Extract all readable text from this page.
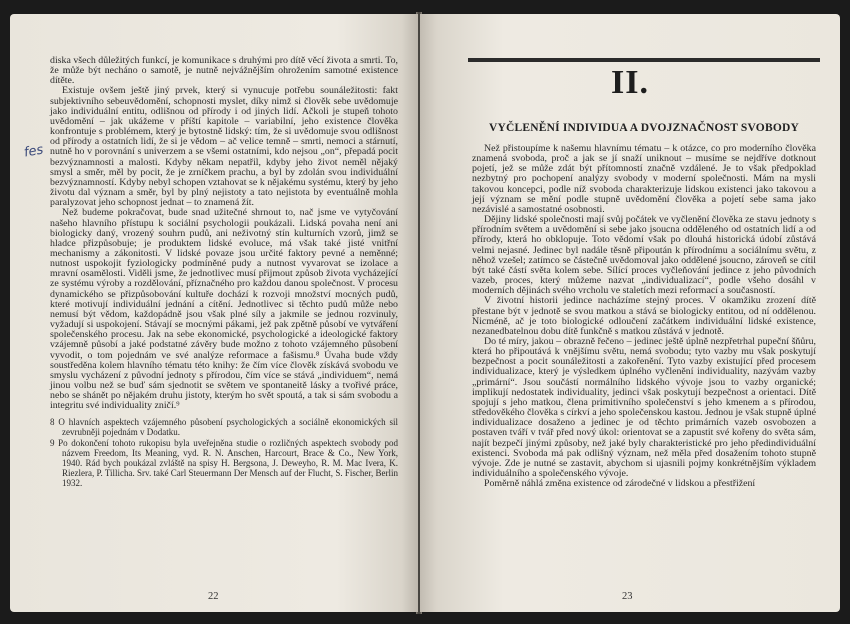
fes

diska všech důležitých funkcí, je komunikace s druhými pro dítě věcí života a smrti. To, že může být necháno o samotě, je nutně nejvážnějším ohrožením samotné existence dítěte.

Existuje ovšem ještě jiný prvek, který si vynucuje potřebu sounáležitosti: fakt subjektivního sebeuvědomění, schopnosti myslet, díky nimž si člověk sebe uvědomuje jako individuální entitu, odlišnou od přírody i od jiných lidí. Ačkoli je stupeň tohoto uvědomění – jak ukážeme v příští kapitole – variabilní, jeho existence člověka konfrontuje s problémem, který je bytostně lidský: tím, že si uvědomuje svou odlišnost od přírody a ostatních lidí, že si je vědom – ač velice temně – smrti, nemoci a stárnutí, nutně ho v porovnání s univerzem a se všemi ostatními, kdo nejsou „on“, přepadá pocit bezvýznamnosti a malosti. Kdyby někam nepatřil, kdyby jeho život neměl nějaký smysl a směr, měl by pocit, že je zrníčkem prachu, a byl by zdolán svou individuální bezvýznamností. Kdyby nebyl schopen vztahovat se k nějakému systému, který by jeho životu dal význam a směr, byl by plný nejistoty a tato nejistota by eventuálně mohla paralyzovat jeho schopnost jednat – to znamená žít.

Než budeme pokračovat, bude snad užitečné shrnout to, nač jsme ve vytyčování našeho hlavního přístupu k sociální psychologii poukázali. Lidská povaha není ani biologicky daný, vrozený souhrn pudů, ani neživotný stín kulturních vzorů, jimž se hladce přizpůsobuje; je produktem lidské evoluce, má však také jisté vnitřní mechanismy a zákonitosti. V lidské povaze jsou určité faktory pevné a neměnné; nutnost uspokojit fyziologicky podmíněné pudy a nutnost vyvarovat se izolace a mravní osamělosti. Viděli jsme, že jednotlivec musí přijmout způsob života vycházející ze systému výroby a rozdělování, příznačného pro každou danou společnost. V procesu dynamického se přizpůsobování kultuře dochází k rozvoji množství mocných pudů, které motivují individuální jednání a cítění. Jednotlivec si těchto pudů může nebo nemusí být vědom, každopádně jsou však plné síly a jakmile se jednou rozvinuly, vyžadují si uspokojení. Stávají se mocnými pákami, jež pak zpětně působí ve vytváření společenského procesu. Jak na sebe ekonomické, psychologické a ideologické faktory vzájemně působí a jaké podstatné závěry bude možno z tohoto vzájemného působení vyvodit, o tom pojednám ve své analýze reformace a fašismu.⁸ Úvaha bude vždy soustředěna kolem hlavního tématu této knihy: že čím více člověk získává svobodu ve smyslu vycházení z původní jednoty s přírodou, čím více se stává „individuem“, nemá jinou volbu než se buď sám sjednotit se světem ve spontaneitě lásky a tvořivé práce, nebo se shánět po nějakém druhu jistoty, kterým ho svět spoutá, a tak si sám svobodu a integritu své individuality zničí.⁹

8 O hlavních aspektech vzájemného působení psychologických a sociálně ekonomických sil zevrubněji pojednám v Dodatku.

9 Po dokončení tohoto rukopisu byla uveřejněna studie o rozličných aspektech svobody pod názvem Freedom, Its Meaning, vyd. R. N. Anschen, Harcourt, Brace & Co., New York, 1940. Rád bych poukázal zvláště na spisy H. Bergsona, J. Deweyho, R. M. Mac Ivera, K. Riezlera, P. Tillicha. Srv. také Carl Steuermann Der Mensch auf der Flucht, S. Fischer, Berlin 1932.

22
II.
VYČLENĚNÍ INDIVIDUA A DVOJZNAČNOST SVOBODY

Než přistoupíme k našemu hlavnímu tématu – k otázce, co pro moderního člověka znamená svoboda, proč a jak se jí snaží uniknout – musíme se nejdříve dotknout pojetí, jež se může zdát být přítomností značně vzdálené. Je to však předpoklad nezbytný pro pochopení analýzy svobody v moderní společnosti. Mám na mysli takovou koncepci, podle níž svoboda charakterizuje lidskou existenci jako takovou a její význam se mění podle stupně uvědomění člověka a pojetí sebe sama jako nezávislé a samostatné osobnosti.

Dějiny lidské společnosti mají svůj počátek ve vyčlenění člověka ze stavu jednoty s přírodním světem a uvědomění si sebe jako jsoucna odděleného od ostatních lidí a od přírody, která ho obklopuje. Toto vědomí však po dlouhá historická údobí zůstává velmi nejasné. Jedinec byl nadále těsně připoután k přírodnímu a sociálnímu světu, z něhož vzešel; zatímco se částečně uvědomoval jako oddělené jsoucno, zároveň se cítil být také částí světa kolem sebe. Sílící proces vyčleňování jedince z jeho původních vazeb, proces, který můžeme nazvat „individualizací“, podle všeho dosáhl v moderních dějinách svého vrcholu ve staletích mezi reformací a současností.

V životní historii jedince nacházíme stejný proces. V okamžiku zrození dítě přestane být v jednotě se svou matkou a stává se biologicky entitou, od ní oddělenou. Nicméně, ač je toto biologické odloučení začátkem individuální lidské existence, nezanedbatelnou dobu dítě funkčně s matkou zůstává v jednotě.

Do té míry, jakou – obrazně řečeno – jedinec ještě úplně nezpřetrhal pupeční šňůru, která ho připoutává k vnějšímu světu, nemá svobodu; tyto vazby mu však poskytují bezpečnost a pocit sounáležitosti a zakořenění. Tyto vazby existující před procesem individualizace, který je výsledkem úplného vyčlenění individuality, nazývám vazby „primární“. Jsou součástí normálního lidského vývoje jsou to vazby organické; implikují nedostatek individuality, jedinci však poskytují bezpečnost a orientaci. Dítě spojují s jeho matkou, člena primitivního společenství s jeho kmenem a s přírodou, středověkého člověka s církví a jeho společenskou kastou. Jednou je však stupně úplné individualizace dosaženo a jedinec je od těchto primárních vazeb osvobozen a postaven tváří v tvář před nový úkol: orientovat se a zapustit své kořeny do světa sám, najít bezpečí jinými způsoby, než jaké byly charakteristické pro jeho předindividuální existenci. Svoboda má pak odlišný význam, než měla před dosažením tohoto stupně vývoje. Zde je nutné se zastavit, abychom si ujasnili pojmy konkrétnějším výkladem individuálního a společenského vývoje.

Poměrně náhlá změna existence od zárodečné v lidskou a přestřižení

23
